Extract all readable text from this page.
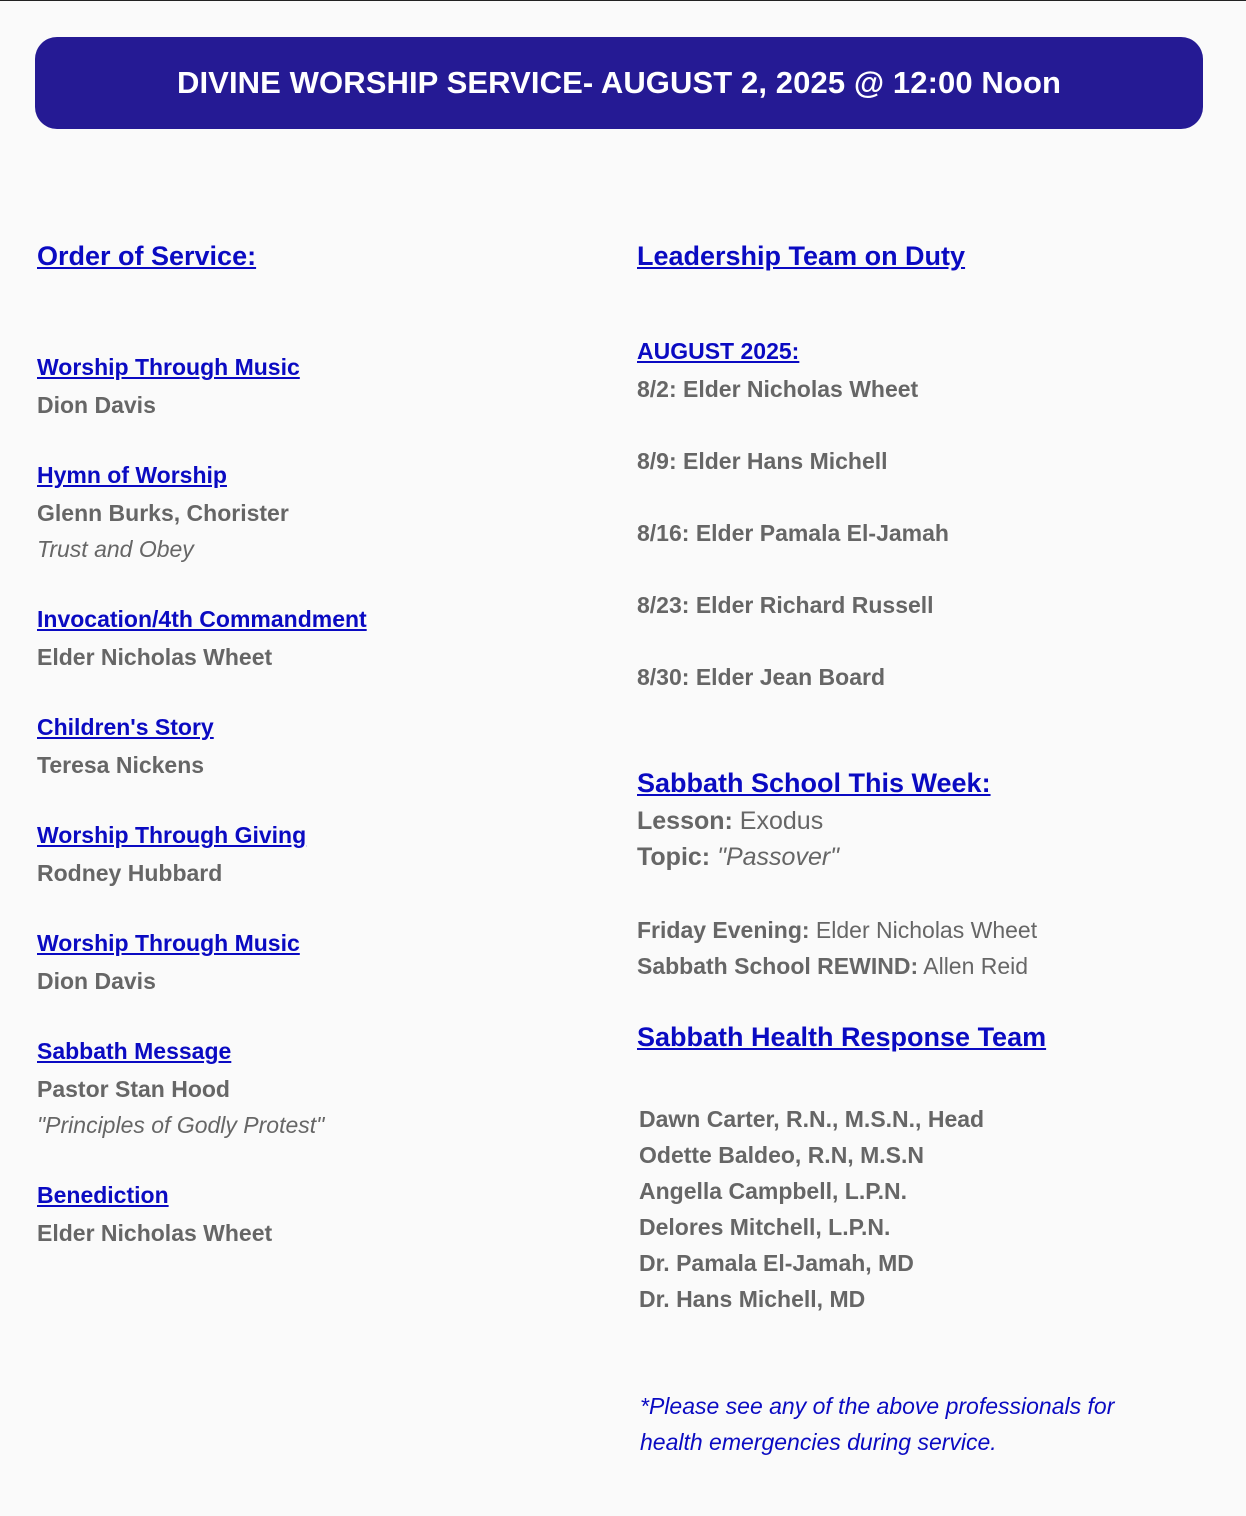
DIVINE WORSHIP SERVICE- AUGUST 2, 2025 @ 12:00 Noon
Order of Service:
Worship Through Music
Dion Davis
Hymn of Worship
Glenn Burks, Chorister
Trust and Obey
Invocation/4th Commandment
Elder Nicholas Wheet
Children's Story
Teresa Nickens
Worship Through Giving
Rodney Hubbard
Worship Through Music
Dion Davis
Sabbath Message
Pastor Stan Hood
"Principles of Godly Protest"
Benediction
Elder Nicholas Wheet
Leadership Team on Duty
AUGUST 2025:
8/2: Elder Nicholas Wheet
8/9: Elder Hans Michell
8/16: Elder Pamala El-Jamah
8/23: Elder Richard Russell
8/30: Elder Jean Board
Sabbath School This Week:
Lesson: Exodus
Topic: "Passover"
Friday Evening: Elder Nicholas Wheet
Sabbath School REWIND: Allen Reid
Sabbath Health Response Team
Dawn Carter, R.N., M.S.N., Head
Odette Baldeo, R.N, M.S.N
Angella Campbell, L.P.N.
Delores Mitchell, L.P.N.
Dr. Pamala El-Jamah, MD
Dr. Hans Michell, MD
*Please see any of the above professionals for health emergencies during service.
